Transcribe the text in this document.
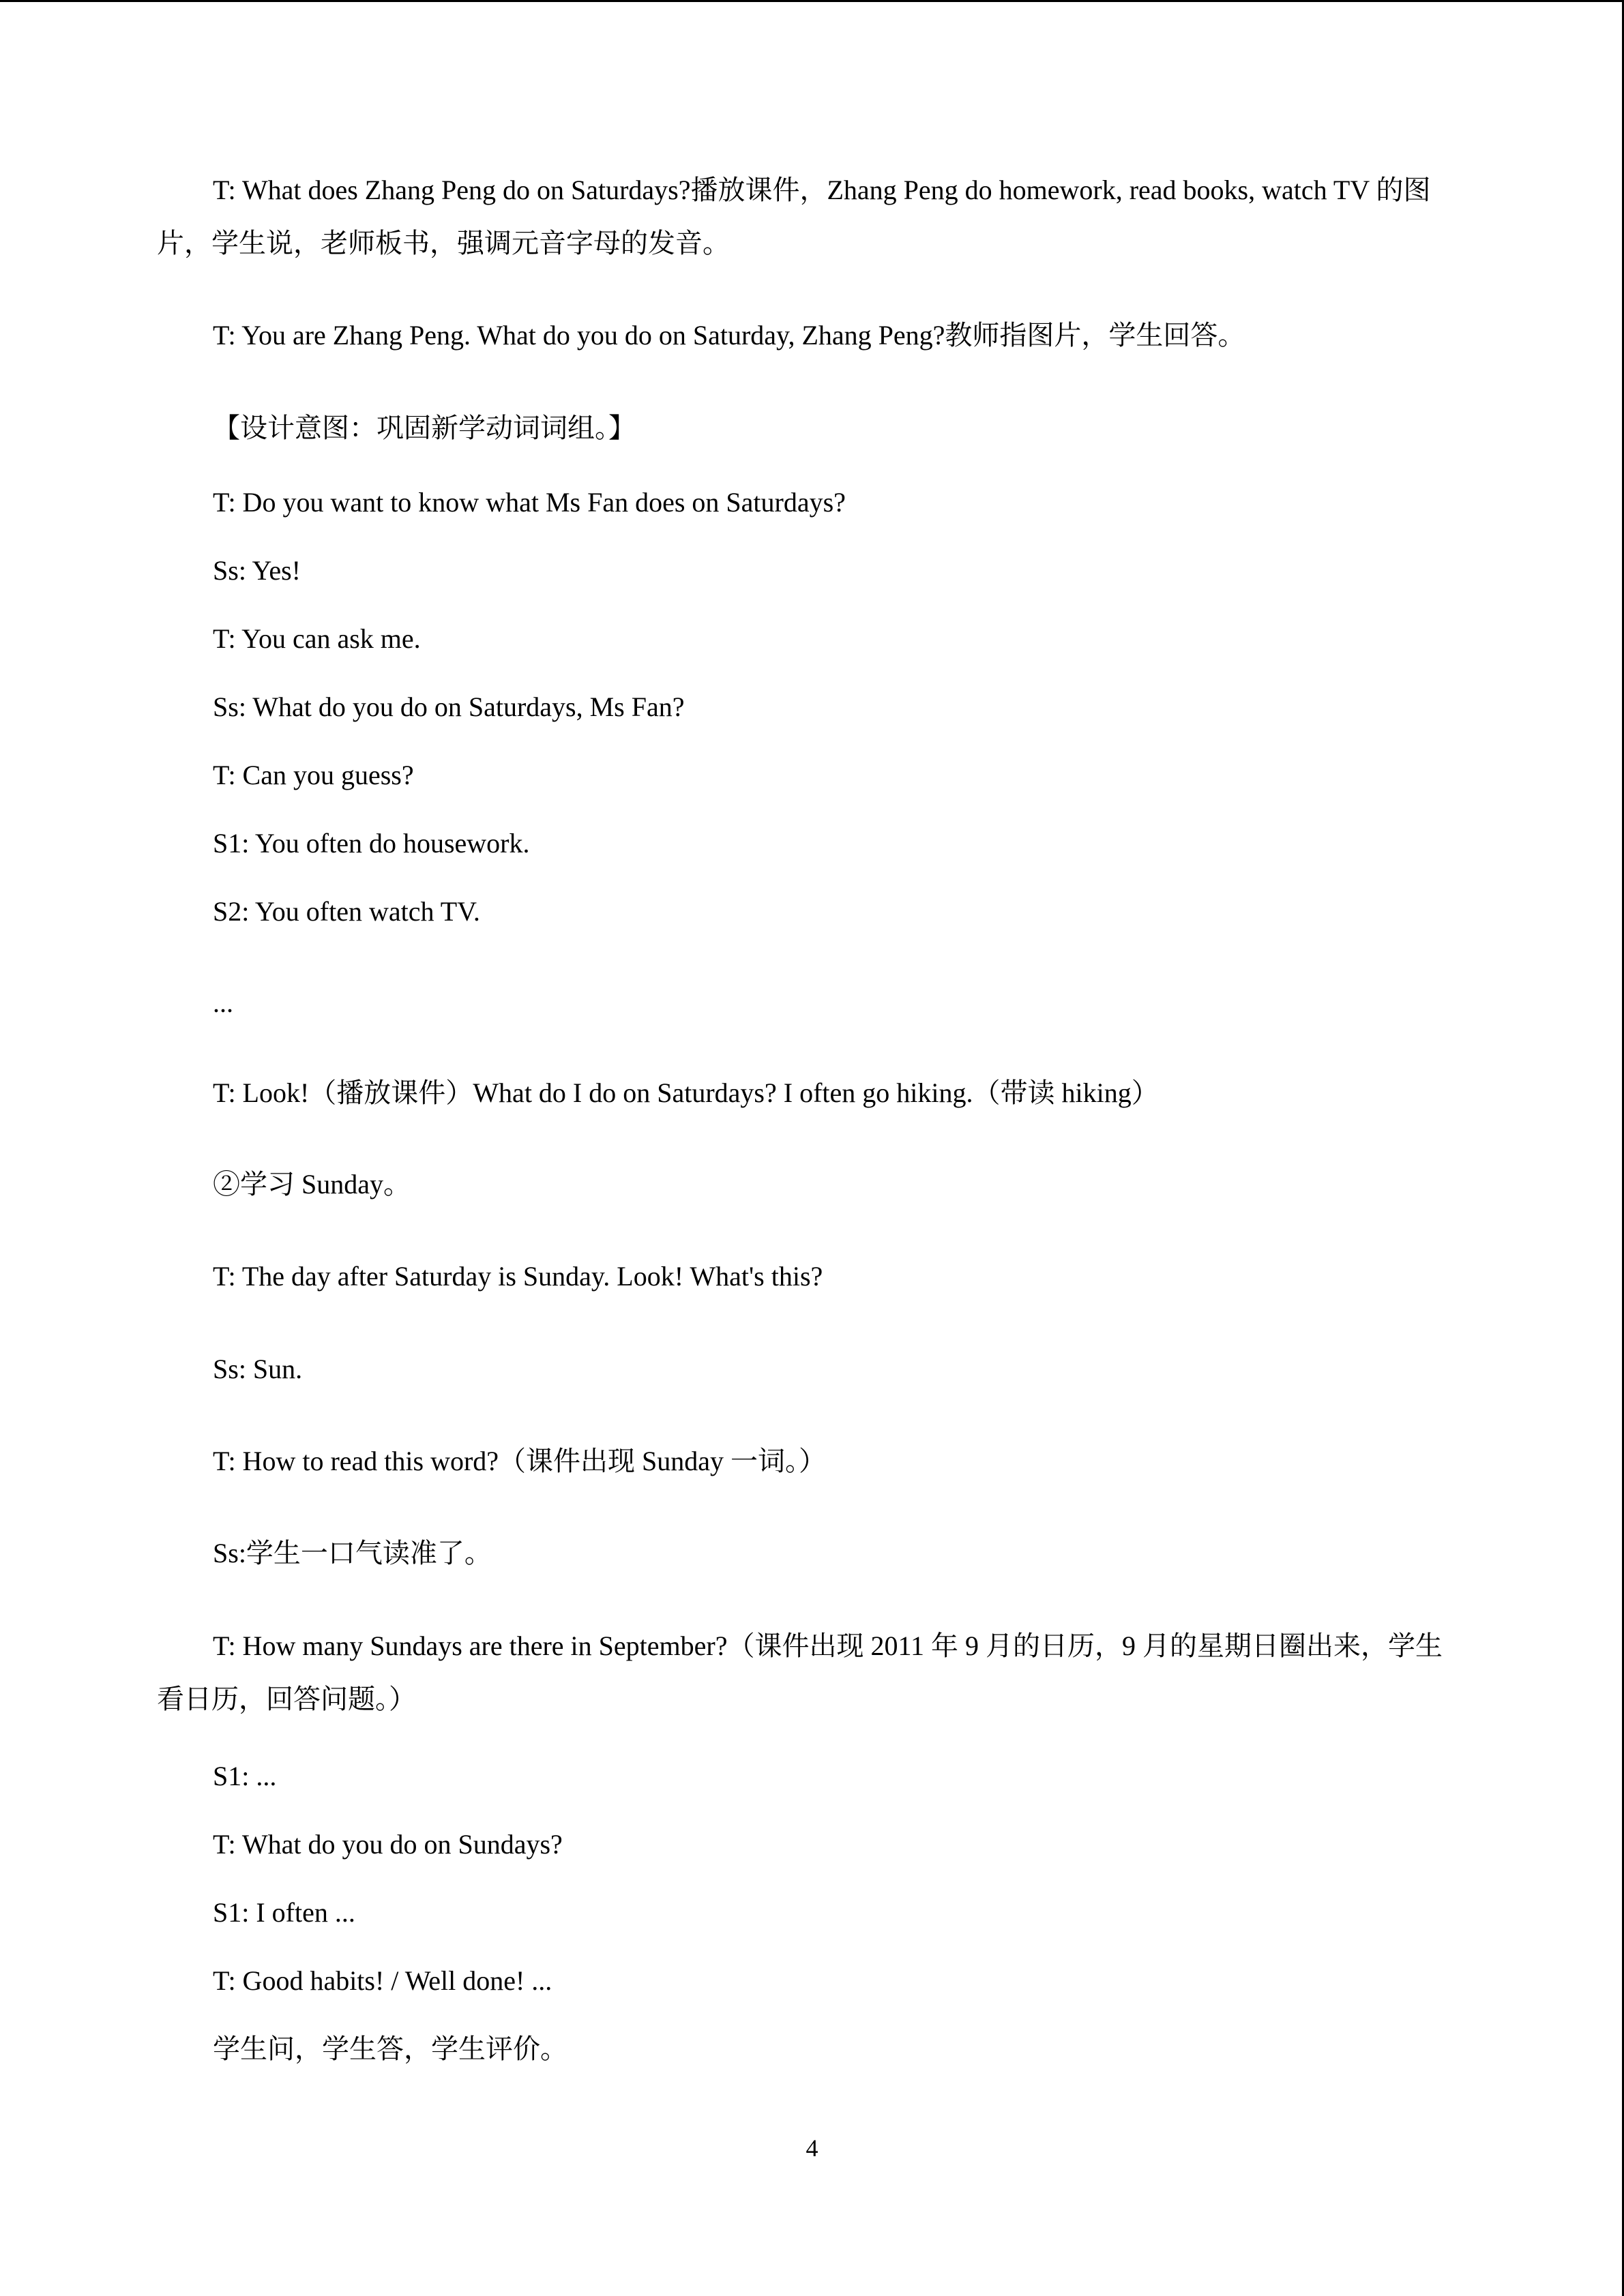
T: What does Zhang Peng do on Saturdays?播放课件，Zhang Peng do homework, read books, watch TV 的图片，学生说，老师板书，强调元音字母的发音。

T: You are Zhang Peng. What do you do on Saturday, Zhang Peng?教师指图片，学生回答。

【设计意图：巩固新学动词词组。】

T: Do you want to know what Ms Fan does on Saturdays?

Ss: Yes!

T: You can ask me.

Ss: What do you do on Saturdays, Ms Fan?

T: Can you guess?

S1: You often do housework.

S2: You often watch TV.

...

T: Look!（播放课件）What do I do on Saturdays? I often go hiking.（带读 hiking）

②学习 Sunday。

T: The day after Saturday is Sunday. Look! What's this?

Ss: Sun.

T: How to read this word?（课件出现 Sunday 一词。）

Ss:学生一口气读准了。

T: How many Sundays are there in September?（课件出现 2011 年 9 月的日历，9 月的星期日圈出来，学生看日历，回答问题。）

S1: ...

T: What do you do on Sundays?

S1: I often ...

T: Good habits! / Well done! ...

学生问，学生答，学生评价。

4
